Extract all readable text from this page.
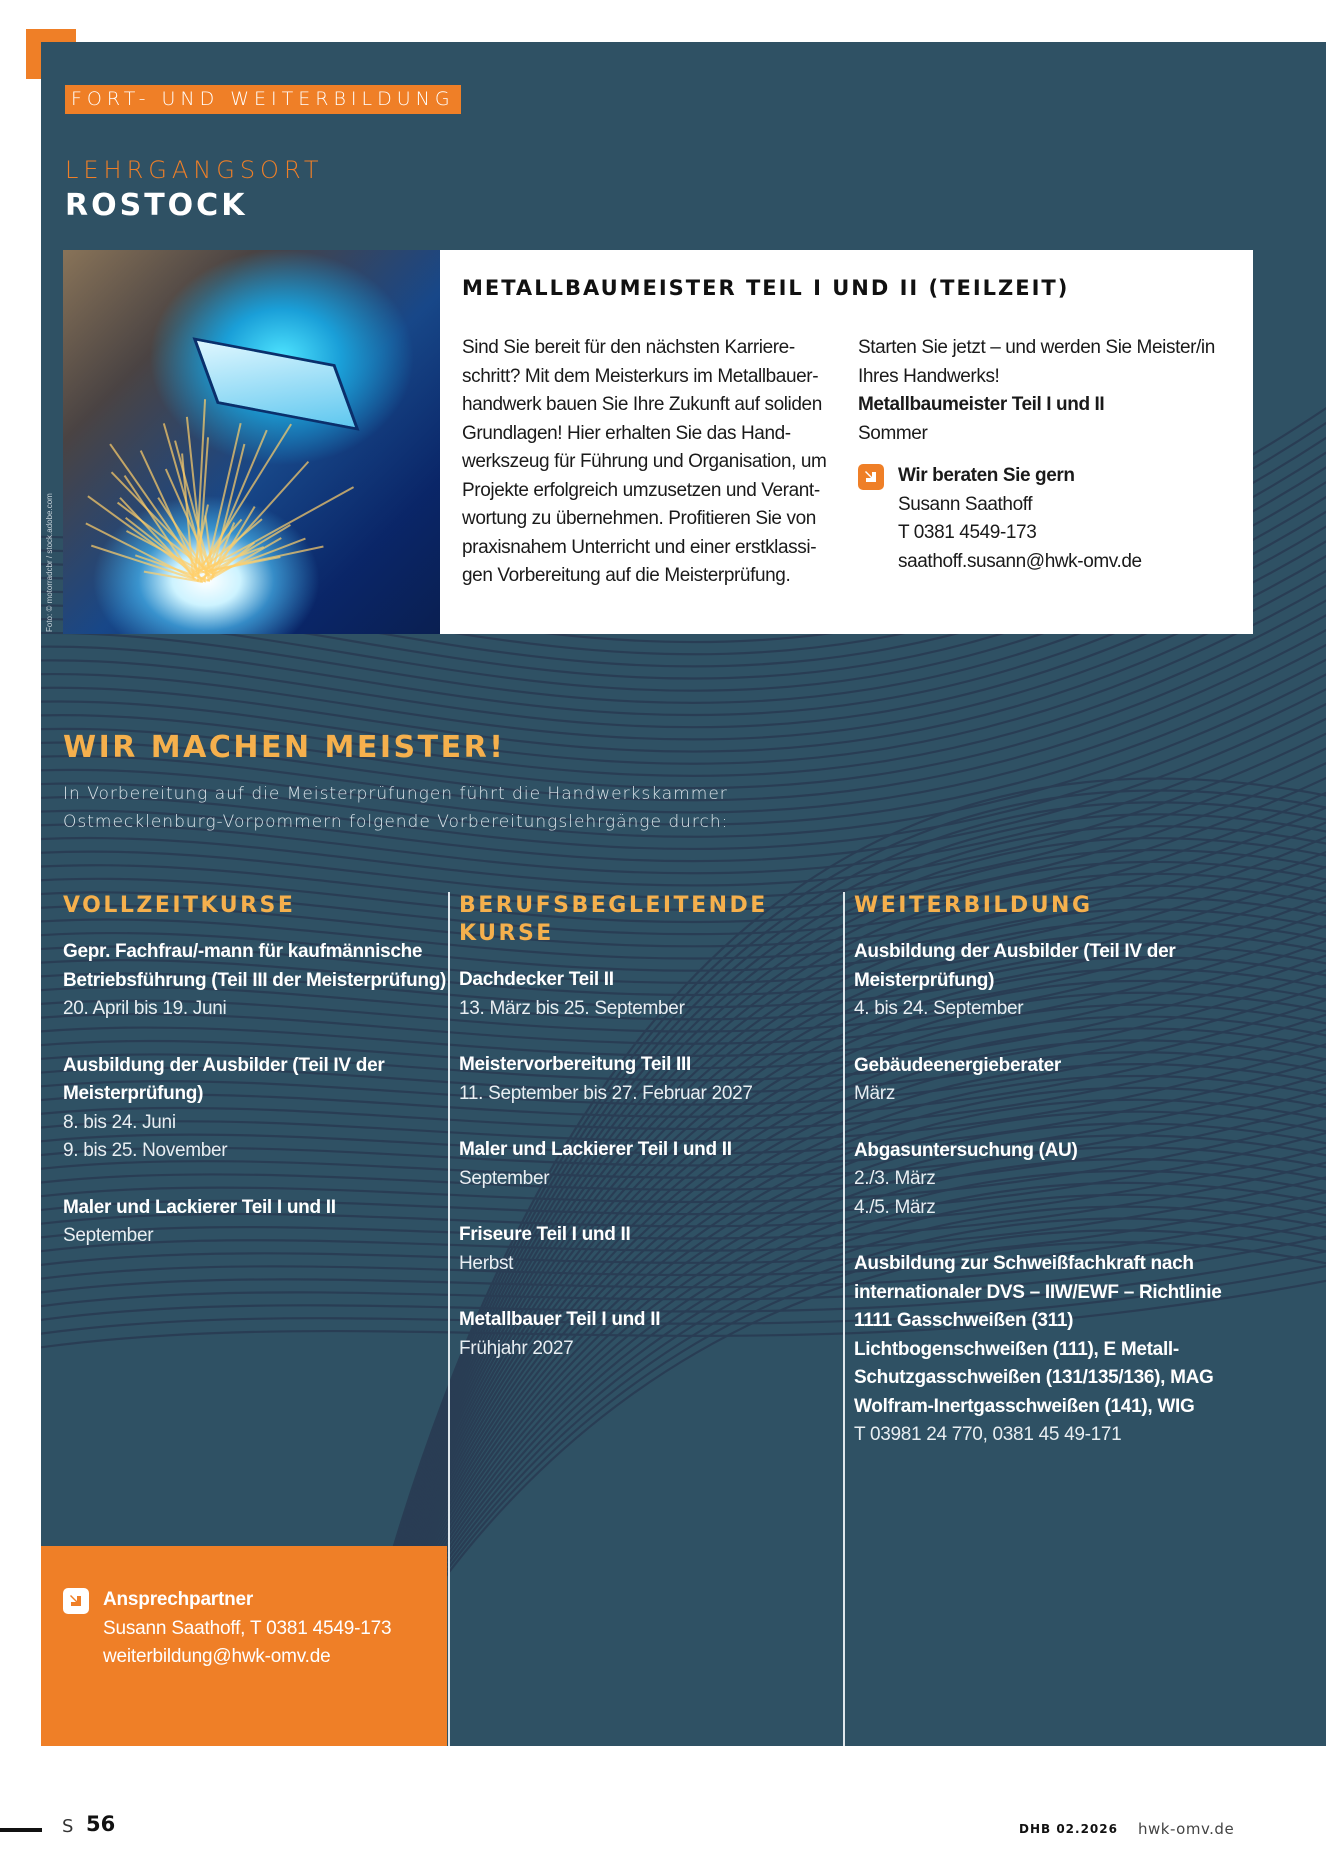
FORT- UND WEITERBILDUNG
LEHRGANGSORT
ROSTOCK
Foto: © motorradcbr / stock.adobe.com
METALLBAUMEISTER TEIL I UND II (TEILZEIT)
Sind Sie bereit für den nächsten Karriereschritt? Mit dem Meisterkurs im Metallbauerhandwerk bauen Sie Ihre Zukunft auf soliden Grundlagen! Hier erhalten Sie das Handwerkszeug für Führung und Organisation, um Projekte erfolgreich umzusetzen und Verantwortung zu übernehmen. Profitieren Sie von praxisnahem Unterricht und einer erstklassigen Vorbereitung auf die Meisterprüfung.
Starten Sie jetzt – und werden Sie Meister/in Ihres Handwerks!
Metallbaumeister Teil I und II
Sommer
Wir beraten Sie gern
Susann Saathoff
T 0381 4549-173
saathoff.susann@hwk-omv.de
WIR MACHEN MEISTER!
In Vorbereitung auf die Meisterprüfungen führt die Handwerkskammer Ostmecklenburg-Vorpommern folgende Vorbereitungslehrgänge durch:
VOLLZEITKURSE
Gepr. Fachfrau/-mann für kaufmännische Betriebsführung (Teil III der Meisterprüfung)
20. April bis 19. Juni
Ausbildung der Ausbilder (Teil IV der Meisterprüfung)
8. bis 24. Juni
9. bis 25. November
Maler und Lackierer Teil I und II
September
BERUFSBEGLEITENDE KURSE
Dachdecker Teil II
13. März bis 25. September
Meistervorbereitung Teil III
11. September bis 27. Februar 2027
Maler und Lackierer Teil I und II
September
Friseure Teil I und II
Herbst
Metallbauer Teil I und II
Frühjahr 2027
WEITERBILDUNG
Ausbildung der Ausbilder (Teil IV der Meisterprüfung)
4. bis 24. September
Gebäudeenergieberater
März
Abgasuntersuchung (AU)
2./3. März
4./5. März
Ausbildung zur Schweißfachkraft nach internationaler DVS – IIW/EWF – Richtlinie 1111 Gasschweißen (311) Lichtbogenschweißen (111), E Metall-Schutzgasschweißen (131/135/136), MAG Wolfram-Inertgasschweißen (141), WIG
T 03981 24 770, 0381 45 49-171
Ansprechpartner
Susann Saathoff, T 0381 4549-173
weiterbildung@hwk-omv.de
S 56	DHB 02.2026 hwk-omv.de
